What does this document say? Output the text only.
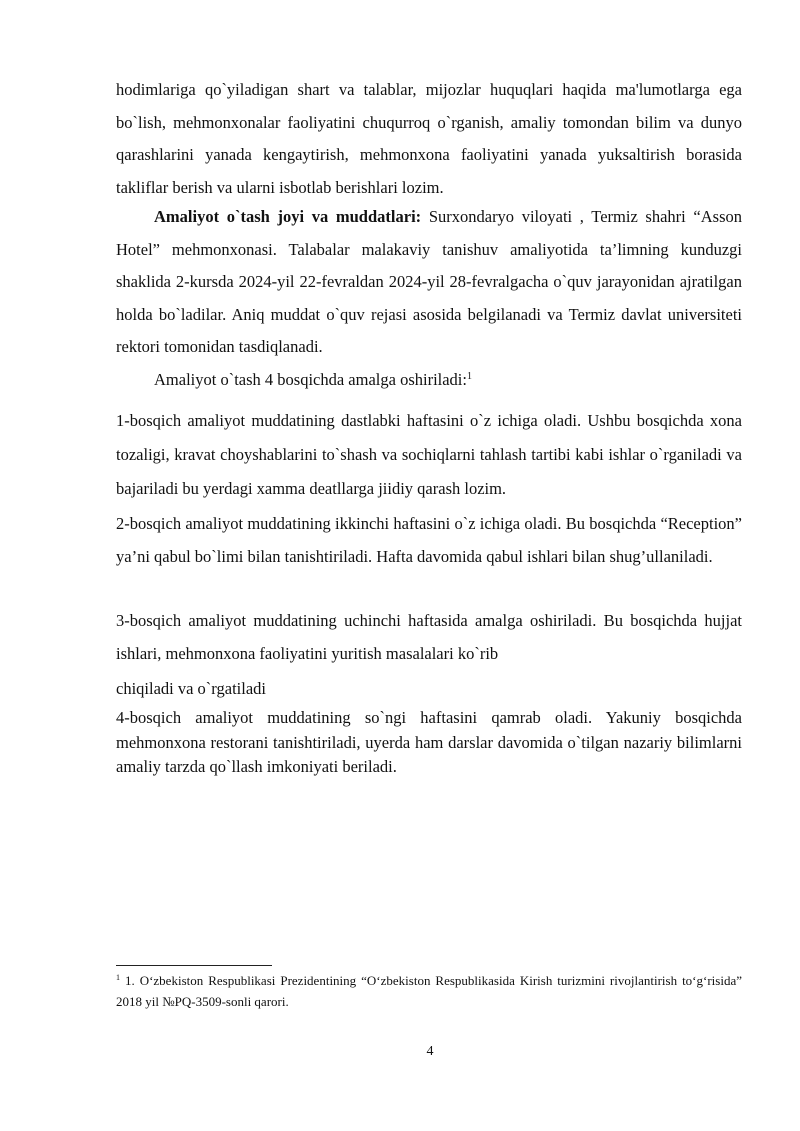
hodimlariga qo`yiladigan shart va talablar, mijozlar huquqlari haqida ma'lumotlarga ega bo`lish, mehmonxonalar faoliyatini chuqurroq o`rganish, amaliy tomondan bilim va dunyo qarashlarini yanada kengaytirish, mehmonxona faoliyatini yanada yuksaltirish borasida takliflar berish va ularni isbotlab berishlari lozim.

Amaliyot o`tash joyi va muddatlari: Surxondaryo viloyati , Termiz shahri “Asson Hotel” mehmonxonasi. Talabalar malakaviy tanishuv amaliyotida ta’limning kunduzgi shaklida 2-kursda 2024-yil 22-fevraldan 2024-yil 28-fevralgacha o`quv jarayonidan ajratilgan holda bo`ladilar. Aniq muddat o`quv rejasi asosida belgilanadi va Termiz davlat universiteti rektori tomonidan tasdiqlanadi.

Amaliyot o`tash 4 bosqichda amalga oshiriladi:$^1$

1-bosqich amaliyot muddatining dastlabki haftasini o`z ichiga oladi. Ushbu bosqichda xona tozaligi, kravat choyshablarini to`shash va sochiqlarni tahlash tartibi kabi ishlar o`rganiladi va bajariladi bu yerdagi xamma deatllarga jiidiy qarash lozim.

2-bosqich amaliyot muddatining ikkinchi haftasini o`z ichiga oladi. Bu bosqichda “Reception” ya’ni qabul bo`limi bilan tanishtiriladi. Hafta davomida qabul ishlari bilan shug’ullaniladi.

3-bosqich amaliyot muddatining uchinchi haftasida amalga oshiriladi. Bu bosqichda hujjat ishlari, mehmonxona faoliyatini yuritish masalalari ko`rib

chiqiladi va o`rgatiladi

4-bosqich amaliyot muddatining so`ngi haftasini qamrab oladi. Yakuniy bosqichda mehmonxona restorani tanishtiriladi, uyerda ham darslar davomida o`tilgan nazariy bilimlarni amaliy tarzda qo`llash imkoniyati beriladi.

$^1$ 1. O‘zbekiston Respublikasi Prezidentining “O‘zbekiston Respublikasida Kirish turizmini rivojlantirish to‘g‘risida” 2018 yil №PQ-3509-sonli qarori.

4
